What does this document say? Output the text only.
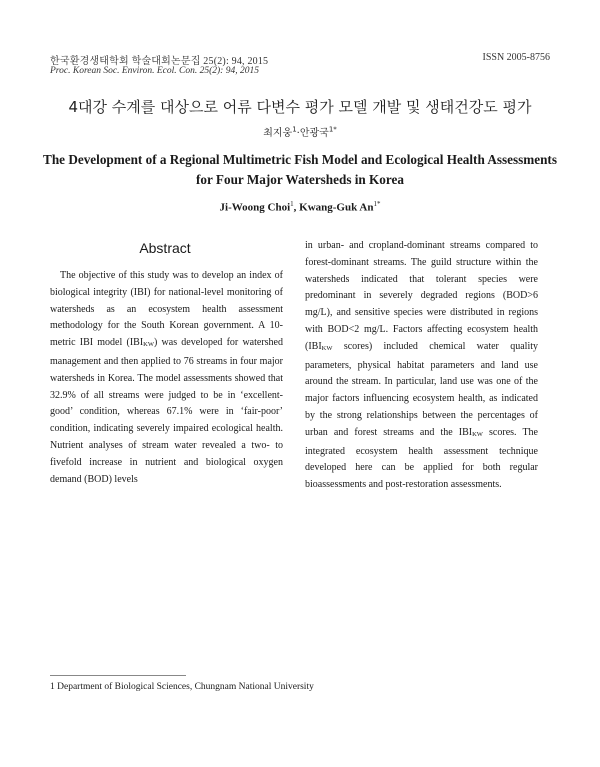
한국환경생태학회 학술대회논문집 25(2): 94, 2015
Proc. Korean Soc. Environ. Ecol. Con. 25(2): 94, 2015
ISSN 2005-8756
4대강 수계를 대상으로 어류 다변수 평가 모델 개발 및 생태건강도 평가
최지웅$^1$·안광국$^{1*}$
The Development of a Regional Multimetric Fish Model and Ecological Health Assessments for Four Major Watersheds in Korea
Ji-Woong Choi$^1$, Kwang-Guk $An^{1*}$
Abstract
The objective of this study was to develop an index of biological integrity (IBI) for national-level monitoring of watersheds as an ecosystem health assessment methodology for the South Korean government. A 10-metric IBI model $(IBI_{KW})$ was developed for watershed management and then applied to 76 streams in four major watersheds in Korea. The model assessments showed that 32.9% of all streams were judged to be in ‘excellent-good’ condition, whereas 67.1% were in ‘fair-poor’ condition, indicating severely impaired ecological health. Nutrient analyses of stream water revealed a two- to fivefold increase in nutrient and biological oxygen demand (BOD) levels
in urban- and cropland-dominant streams compared to forest-dominant streams. The guild structure within the watersheds indicated that tolerant species were predominant in severely degraded regions (BOD>6 mg/L), and sensitive species were distributed in regions with BOD<2 mg/L. Factors affecting ecosystem health ($IBI_{KW}$ scores) included chemical water quality parameters, physical habitat parameters and land use around the stream. In particular, land use was one of the major factors influencing ecosystem health, as indicated by the strong relationships between the percentages of urban and forest streams and the $IBI_{KW}$ scores. The integrated ecosystem health assessment technique developed here can be applied for both regular bioassessments and post-restoration assessments.
1 Department of Biological Sciences, Chungnam National University
